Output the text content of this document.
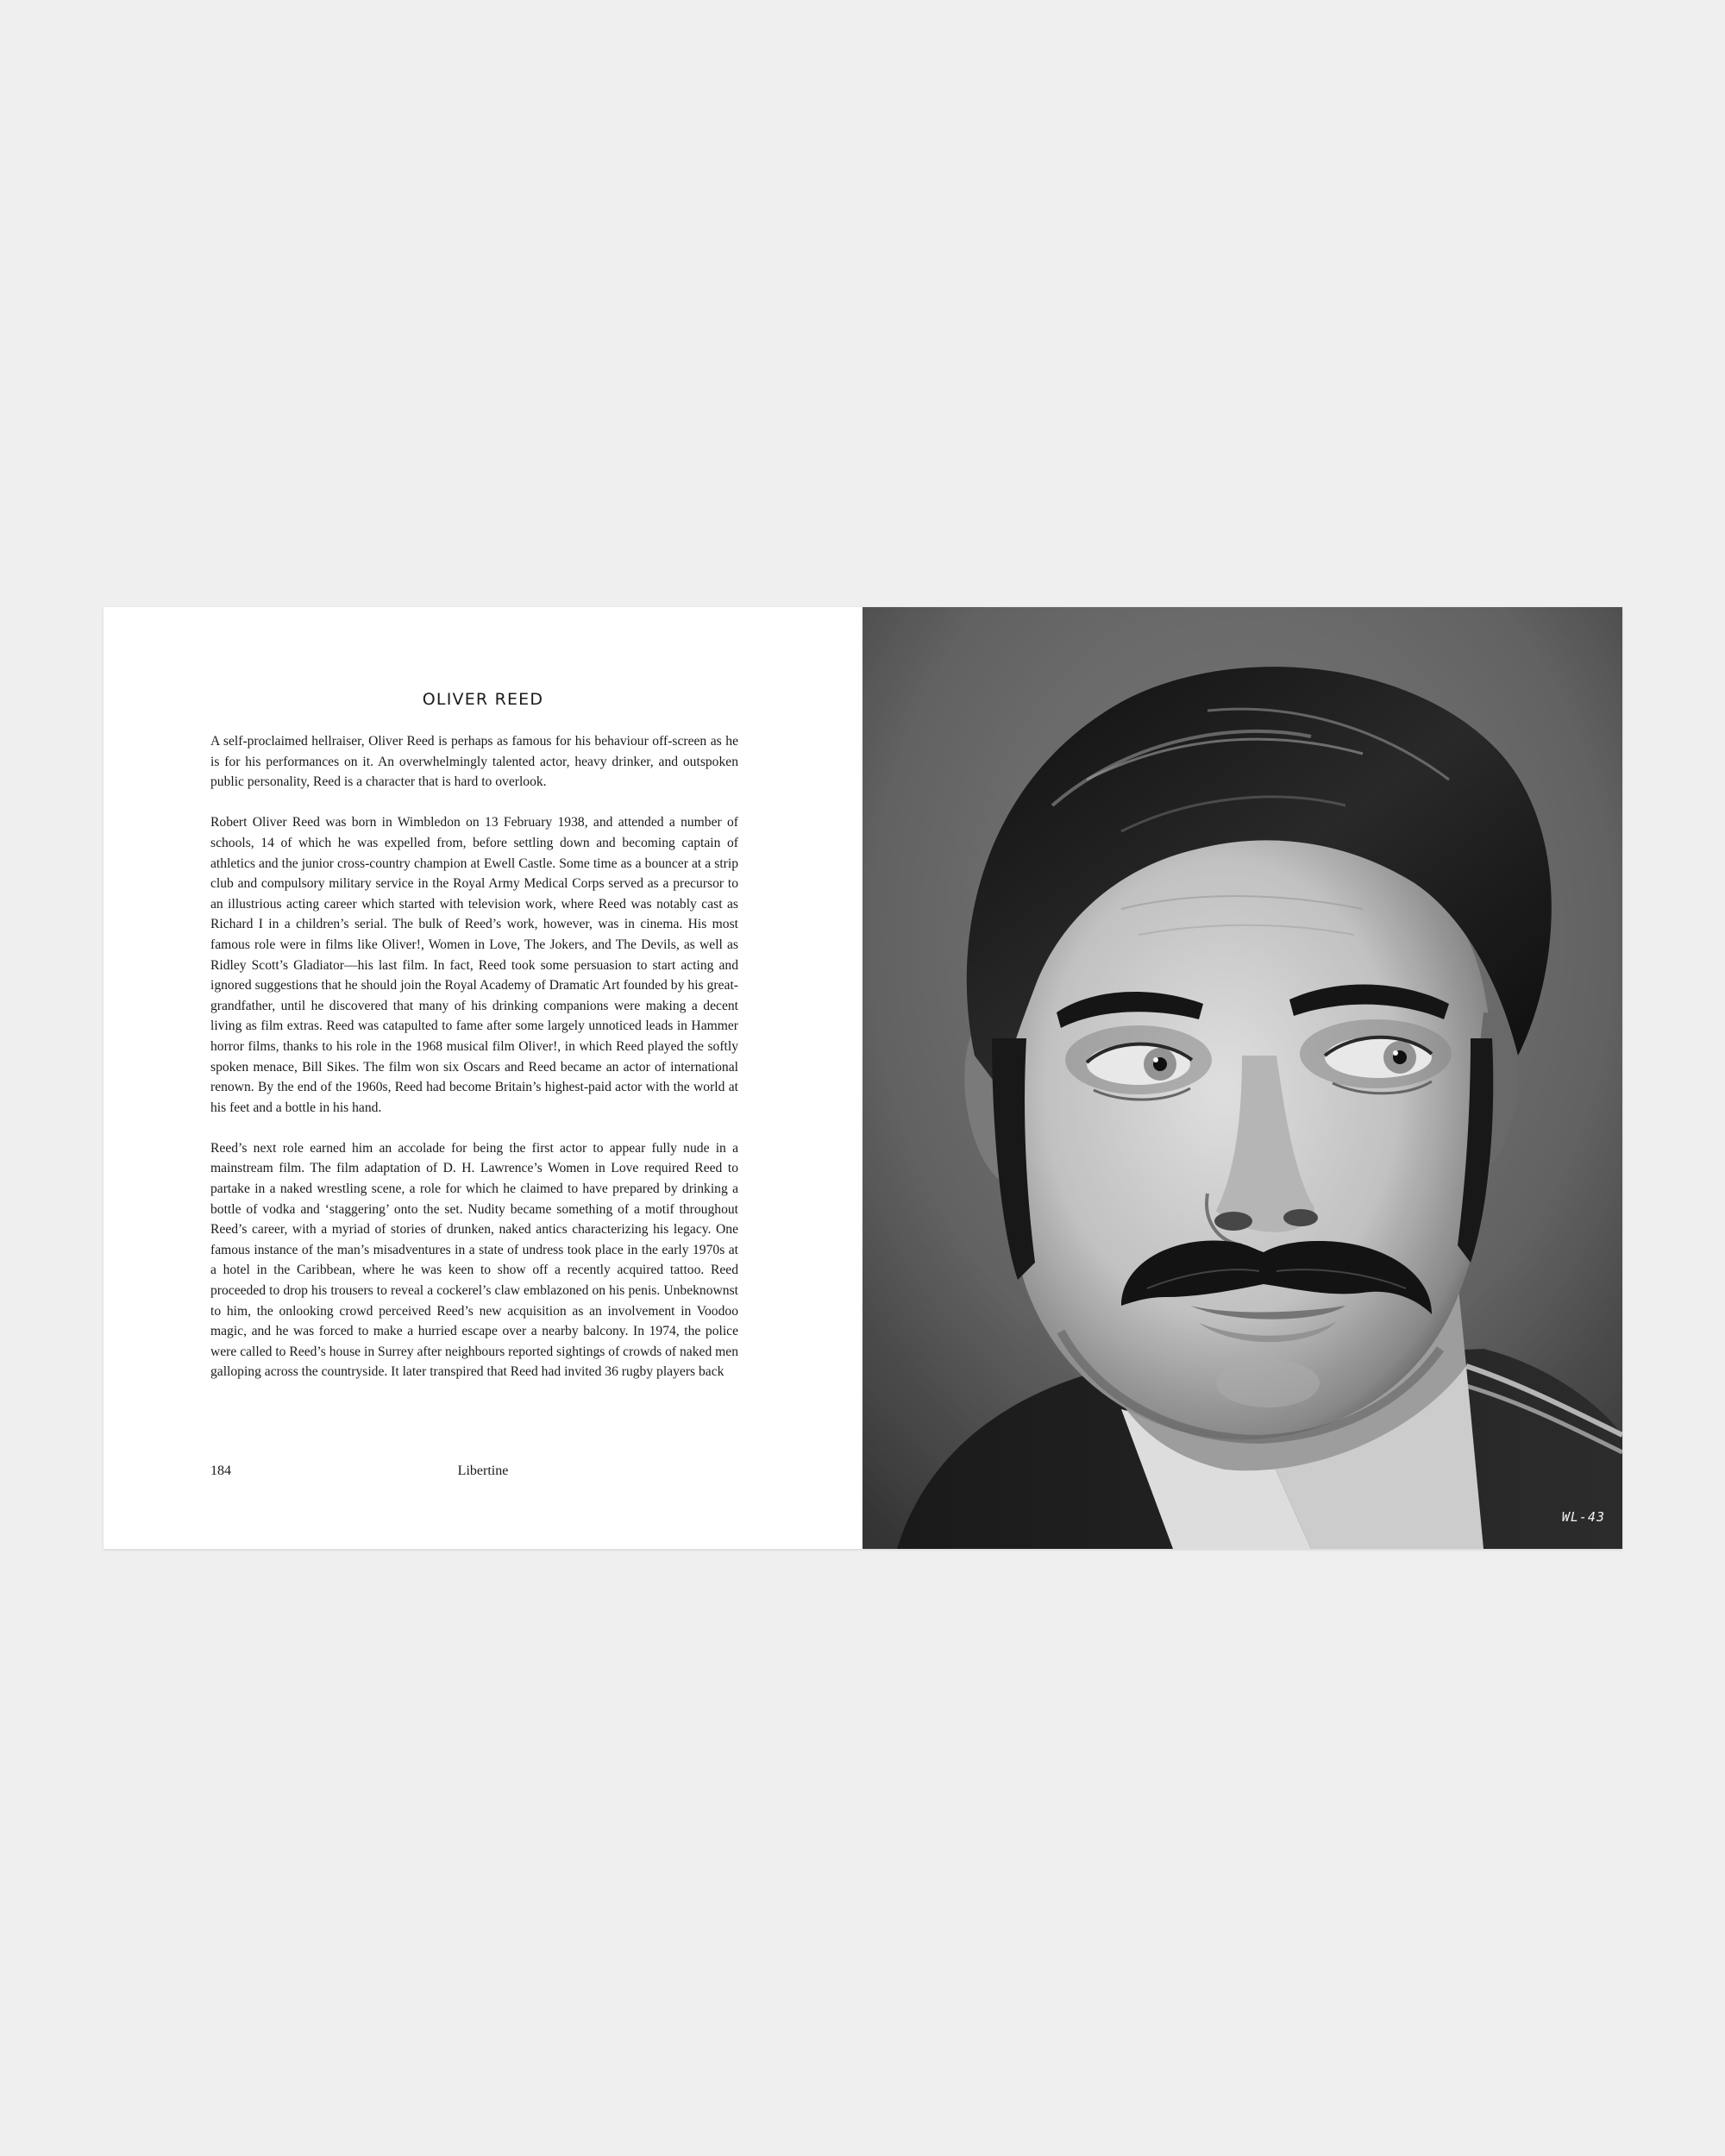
OLIVER REED

A self-proclaimed hellraiser, Oliver Reed is perhaps as famous for his behaviour off-screen as he is for his performances on it. An overwhelmingly talented actor, heavy drinker, and outspoken public personality, Reed is a character that is hard to overlook.

Robert Oliver Reed was born in Wimbledon on 13 February 1938, and attended a number of schools, 14 of which he was expelled from, before settling down and becoming captain of athletics and the junior cross-country champion at Ewell Castle. Some time as a bouncer at a strip club and compulsory military service in the Royal Army Medical Corps served as a precursor to an illustrious acting career which started with television work, where Reed was notably cast as Richard I in a children’s serial. The bulk of Reed’s work, however, was in cinema. His most famous role were in films like Oliver!, Women in Love, The Jokers, and The Devils, as well as Ridley Scott’s Gladiator—his last film. In fact, Reed took some persuasion to start acting and ignored suggestions that he should join the Royal Academy of Dramatic Art founded by his great-grandfather, until he discovered that many of his drinking companions were making a decent living as film extras. Reed was catapulted to fame after some largely unnoticed leads in Hammer horror films, thanks to his role in the 1968 musical film Oliver!, in which Reed played the softly spoken menace, Bill Sikes. The film won six Oscars and Reed became an actor of international renown. By the end of the 1960s, Reed had become Britain’s highest-paid actor with the world at his feet and a bottle in his hand.

Reed’s next role earned him an accolade for being the first actor to appear fully nude in a mainstream film. The film adaptation of D. H. Lawrence’s Women in Love required Reed to partake in a naked wrestling scene, a role for which he claimed to have prepared by drinking a bottle of vodka and ‘staggering’ onto the set. Nudity became something of a motif throughout Reed’s career, with a myriad of stories of drunken, naked antics characterizing his legacy. One famous instance of the man’s misadventures in a state of undress took place in the early 1970s at a hotel in the Caribbean, where he was keen to show off a recently acquired tattoo. Reed proceeded to drop his trousers to reveal a cockerel’s claw emblazoned on his penis. Unbeknownst to him, the onlooking crowd perceived Reed’s new acquisition as an involvement in Voodoo magic, and he was forced to make a hurried escape over a nearby balcony. In 1974, the police were called to Reed’s house in Surrey after neighbours reported sightings of crowds of naked men galloping across the countryside. It later transpired that Reed had invited 36 rugby players back

184	Libertine
WL-43
